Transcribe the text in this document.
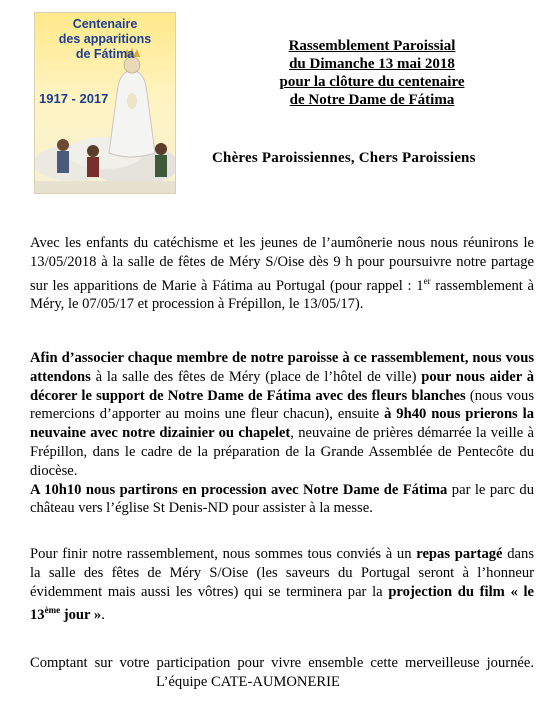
Centenaire
des apparitions
de Fátima
1917 - 2017
Rassemblement Paroissial
du Dimanche 13 mai 2018
pour la clôture du centenaire
de Notre Dame de Fátima
Chères Paroissiennes, Chers Paroissiens
Avec les enfants du catéchisme et les jeunes de l’aumônerie nous nous réunirons le 13/05/2018 à la salle de fêtes de Méry S/Oise dès 9 h pour poursuivre notre partage sur les apparitions de Marie à Fátima au Portugal (pour rappel : 1er rassemblement à Méry, le 07/05/17 et procession à Frépillon, le 13/05/17).
Afin d’associer chaque membre de notre paroisse à ce rassemblement, nous vous attendons à la salle des fêtes de Méry (place de l’hôtel de ville) pour nous aider à décorer le support de Notre Dame de Fátima avec des fleurs blanches (nous vous remercions d’apporter au moins une fleur chacun), ensuite à 9h40 nous prierons la neuvaine avec notre dizainier ou chapelet, neuvaine de prières démarrée la veille à Frépillon, dans le cadre de la préparation de la Grande Assemblée de Pentecôte du diocèse.
A 10h10 nous partirons en procession avec Notre Dame de Fátima par le parc du château vers l’église St Denis-ND pour assister à la messe.
Pour finir notre rassemblement, nous sommes tous conviés à un repas partagé dans la salle des fêtes de Méry S/Oise (les saveurs du Portugal seront à l’honneur évidemment mais aussi les vôtres) qui se terminera par la projection du film « le 13ème jour ».
Comptant sur votre participation pour vivre ensemble cette merveilleuse journée.L’équipe CATE-AUMONERIE
